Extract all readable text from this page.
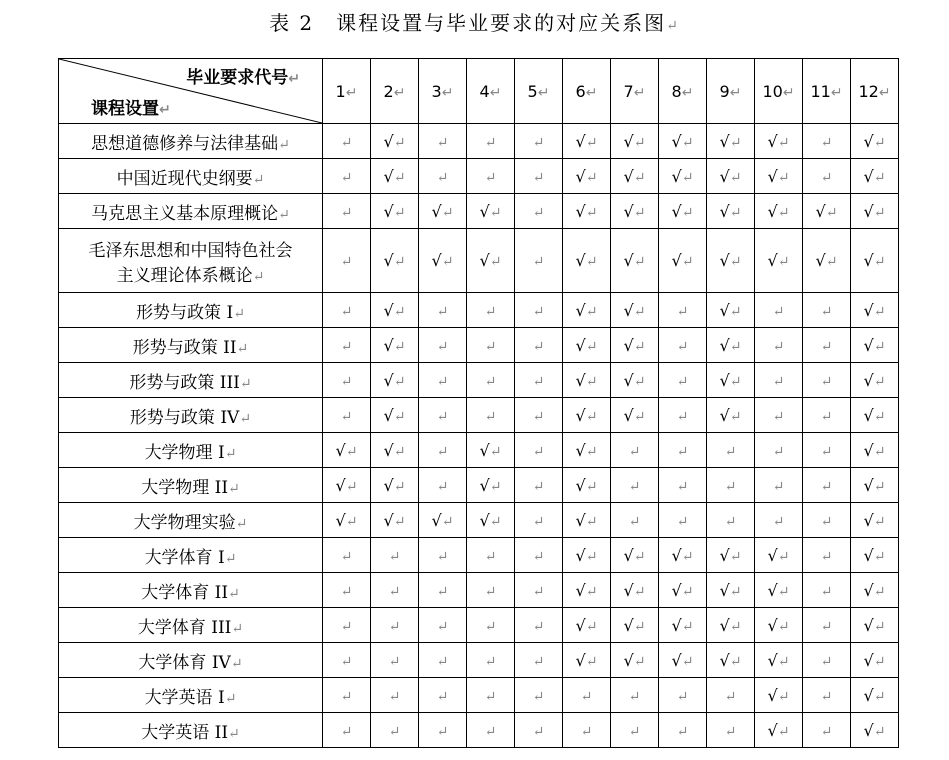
表 2　课程设置与毕业要求的对应关系图↵
毕业要求代号↵
课程设置↵	1↵	2↵	3↵	4↵	5↵	6↵	7↵	8↵	9↵	10↵	11↵	12↵
思想道德修养与法律基础↵	↵	√↵	↵	↵	↵	√↵	√↵	√↵	√↵	√↵	↵	√↵
中国近现代史纲要↵	↵	√↵	↵	↵	↵	√↵	√↵	√↵	√↵	√↵	↵	√↵
马克思主义基本原理概论↵	↵	√↵	√↵	√↵	↵	√↵	√↵	√↵	√↵	√↵	√↵	√↵

毛泽东思想和中国特色社会
主义理论体系概论↵	↵	√↵	√↵	√↵	↵	√↵	√↵	√↵	√↵	√↵	√↵	√↵
形势与政策 I↵	↵	√↵	↵	↵	↵	√↵	√↵	↵	√↵	↵	↵	√↵
形势与政策 II↵	↵	√↵	↵	↵	↵	√↵	√↵	↵	√↵	↵	↵	√↵
形势与政策 III↵	↵	√↵	↵	↵	↵	√↵	√↵	↵	√↵	↵	↵	√↵
形势与政策 IV↵	↵	√↵	↵	↵	↵	√↵	√↵	↵	√↵	↵	↵	√↵
大学物理 I↵	√↵	√↵	↵	√↵	↵	√↵	↵	↵	↵	↵	↵	√↵
大学物理 II↵	√↵	√↵	↵	√↵	↵	√↵	↵	↵	↵	↵	↵	√↵
大学物理实验↵	√↵	√↵	√↵	√↵	↵	√↵	↵	↵	↵	↵	↵	√↵
大学体育 I↵	↵	↵	↵	↵	↵	√↵	√↵	√↵	√↵	√↵	↵	√↵
大学体育 II↵	↵	↵	↵	↵	↵	√↵	√↵	√↵	√↵	√↵	↵	√↵
大学体育 III↵	↵	↵	↵	↵	↵	√↵	√↵	√↵	√↵	√↵	↵	√↵
大学体育 IV↵	↵	↵	↵	↵	↵	√↵	√↵	√↵	√↵	√↵	↵	√↵
大学英语 I↵	↵	↵	↵	↵	↵	↵	↵	↵	↵	√↵	↵	√↵
大学英语 II↵	↵	↵	↵	↵	↵	↵	↵	↵	↵	√↵	↵	√↵
